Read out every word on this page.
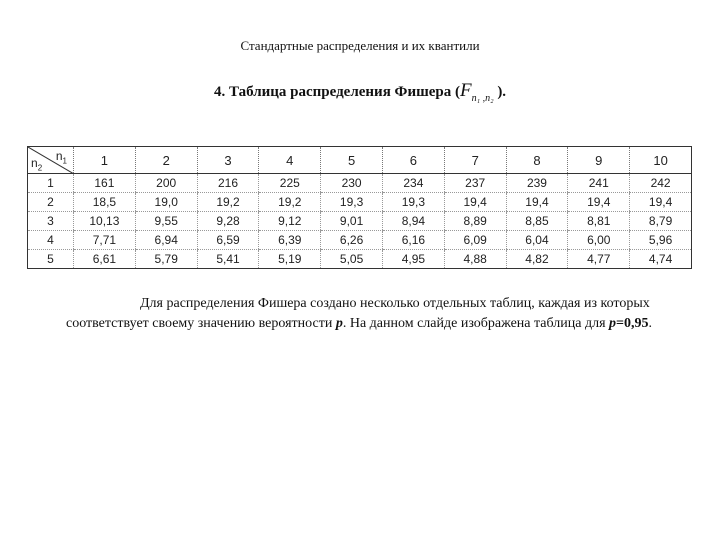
Стандартные распределения и их квантили
4. Таблица распределения Фишера ($F_{n_1 ,n_2}$ ).
$n_1$
$n_2$	1	2	3	4	5	6	7	8	9	10
1	161	200	216	225	230	234	237	239	241	242
2	18,5	19,0	19,2	19,2	19,3	19,3	19,4	19,4	19,4	19,4
3	10,13	9,55	9,28	9,12	9,01	8,94	8,89	8,85	8,81	8,79
4	7,71	6,94	6,59	6,39	6,26	6,16	6,09	6,04	6,00	5,96
5	6,61	5,79	5,41	5,19	5,05	4,95	4,88	4,82	4,77	4,74
Для распределения Фишера создано несколько отдельных таблиц, каждая из которых соответствует своему значению вероятности p. На данном слайде изображена таблица для p=0,95.
